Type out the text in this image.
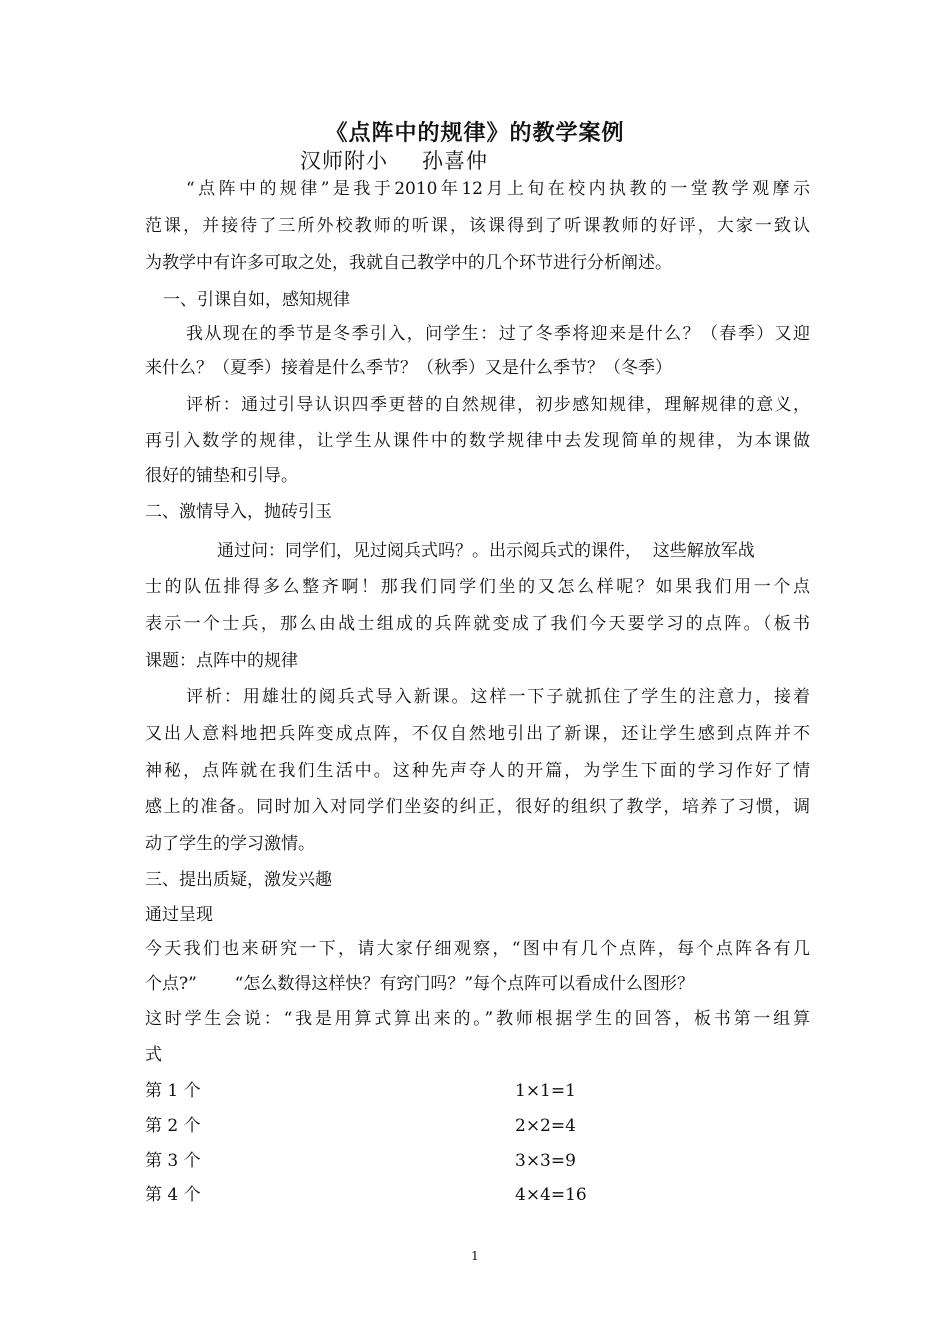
《点阵中的规律》的教学案例
汉师附小 孙喜仲
“点阵中的规律”是我于2010年12月上旬在校内执教的一堂教学观摩示
范课，并接待了三所外校教师的听课，该课得到了听课教师的好评，大家一致认
为教学中有许多可取之处，我就自己教学中的几个环节进行分析阐述。
一、引课自如，感知规律
我从现在的季节是冬季引入，问学生：过了冬季将迎来是什么？（春季）又迎
来什么？（夏季）接着是什么季节？（秋季）又是什么季节？（冬季）
评析：通过引导认识四季更替的自然规律，初步感知规律，理解规律的意义，
再引入数学的规律，让学生从课件中的数学规律中去发现简单的规律，为本课做
很好的铺垫和引导。
二、激情导入，抛砖引玉
通过问：同学们，见过阅兵式吗？。出示阅兵式的课件，  这些解放军战
士的队伍排得多么整齐啊！那我们同学们坐的又怎么样呢？如果我们用一个点
表示一个士兵，那么由战士组成的兵阵就变成了我们今天要学习的点阵。（板书
课题：点阵中的规律
评析：用雄壮的阅兵式导入新课。这样一下子就抓住了学生的注意力，接着
又出人意料地把兵阵变成点阵，不仅自然地引出了新课，还让学生感到点阵并不
神秘，点阵就在我们生活中。这种先声夺人的开篇，为学生下面的学习作好了情
感上的准备。同时加入对同学们坐姿的纠正，很好的组织了教学，培养了习惯，调
动了学生的学习激情。
三、提出质疑，激发兴趣
通过呈现
今天我们也来研究一下，请大家仔细观察，“图中有几个点阵，每个点阵各有几
个点?”       “怎么数得这样快？有窍门吗？”每个点阵可以看成什么图形？
这时学生会说：“我是用算式算出来的。”教师根据学生的回答，板书第一组算
式
第 1 个	1×1=1
第 2 个	2×2=4
第 3 个	3×3=9
第 4 个	4×4=16
1
